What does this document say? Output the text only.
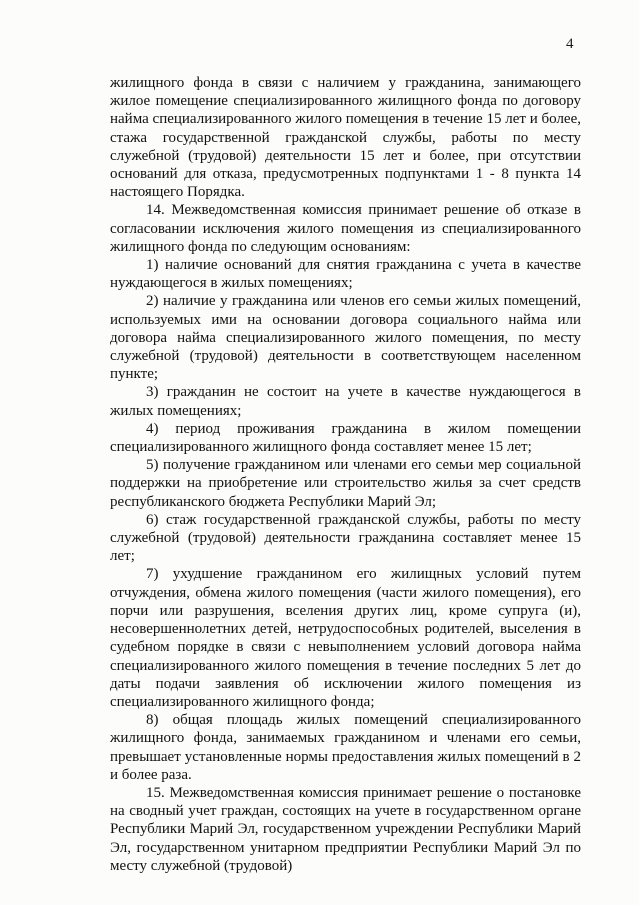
4

жилищного фонда в связи с наличием у гражданина, занимающего жилое помещение специализированного жилищного фонда по договору найма специализированного жилого помещения в течение 15 лет и более, стажа государственной гражданской службы, работы по месту служебной (трудовой) деятельности 15 лет и более, при отсутствии оснований для отказа, предусмотренных подпунктами 1 - 8 пункта 14 настоящего Порядка.

14. Межведомственная комиссия принимает решение об отказе в согласовании исключения жилого помещения из специализированного жилищного фонда по следующим основаниям:

1) наличие оснований для снятия гражданина с учета в качестве нуждающегося в жилых помещениях;

2) наличие у гражданина или членов его семьи жилых помещений, используемых ими на основании договора социального найма или договора найма специализированного жилого помещения, по месту служебной (трудовой) деятельности в соответствующем населенном пункте;

3) гражданин не состоит на учете в качестве нуждающегося в жилых помещениях;

4) период проживания гражданина в жилом помещении специализированного жилищного фонда составляет менее 15 лет;

5) получение гражданином или членами его семьи мер социальной поддержки на приобретение или строительство жилья за счет средств республиканского бюджета Республики Марий Эл;

6) стаж государственной гражданской службы, работы по месту служебной (трудовой) деятельности гражданина составляет менее 15 лет;

7) ухудшение гражданином его жилищных условий путем отчуждения, обмена жилого помещения (части жилого помещения), его порчи или разрушения, вселения других лиц, кроме супруга (и), несовершеннолетних детей, нетрудоспособных родителей, выселения в судебном порядке в связи с невыполнением условий договора найма специализированного жилого помещения в течение последних 5 лет до даты подачи заявления об исключении жилого помещения из специализированного жилищного фонда;

8) общая площадь жилых помещений специализированного жилищного фонда, занимаемых гражданином и членами его семьи, превышает установленные нормы предоставления жилых помещений в 2 и более раза.

15. Межведомственная комиссия принимает решение о постановке на сводный учет граждан, состоящих на учете в государственном органе Республики Марий Эл, государственном учреждении Республики Марий Эл, государственном унитарном предприятии Республики Марий Эл по месту служебной (трудовой)
